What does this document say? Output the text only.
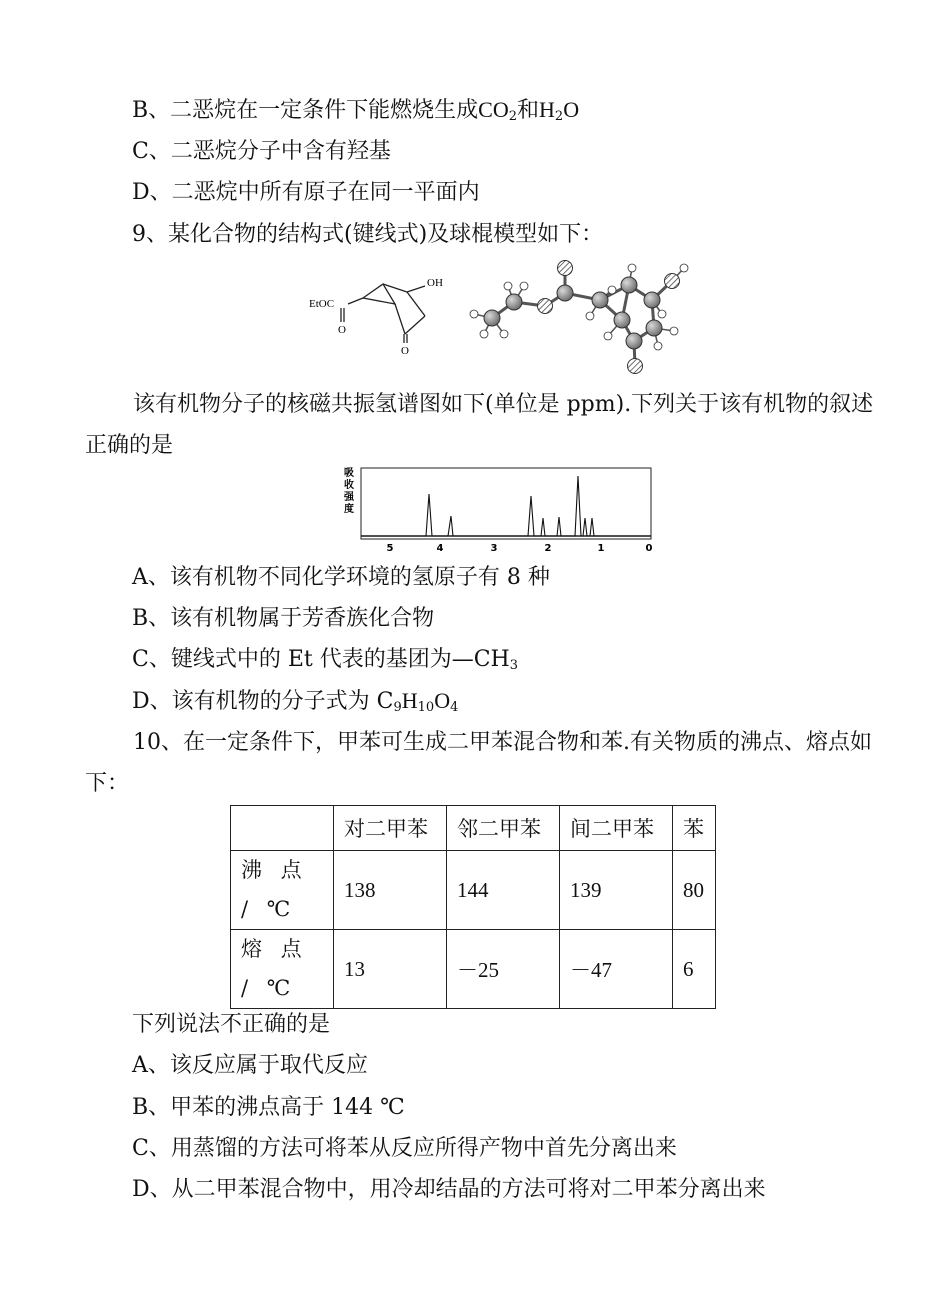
B、二恶烷在一定条件下能燃烧生成$CO_2$和$H_2O$
C、二恶烷分子中含有羟基
D、二恶烷中所有原子在同一平面内
9、某化合物的结构式(键线式)及球棍模型如下：
EtOC
O
OH
O
该有机物分子的核磁共振氢谱图如下(单位是 ppm).下列关于该有机物的叙述正确的是
吸
收
强
度
5	4	3	2	1	0
A、该有机物不同化学环境的氢原子有 8 种
B、该有机物属于芳香族化合物
C、键线式中的 Et 代表的基团为$—CH_3$
D、该有机物的分子式为 $C_9H_{10}O_4$
10、在一定条件下，甲苯可生成二甲苯混合物和苯.有关物质的沸点、熔点如下：
	对二甲苯	邻二甲苯	间二甲苯	苯
沸 点 / ℃	138	144	139	80
熔 点 / ℃	13	－25	－47	6
下列说法不正确的是
A、该反应属于取代反应
B、甲苯的沸点高于 144 ℃
C、用蒸馏的方法可将苯从反应所得产物中首先分离出来
D、从二甲苯混合物中，用冷却结晶的方法可将对二甲苯分离出来
